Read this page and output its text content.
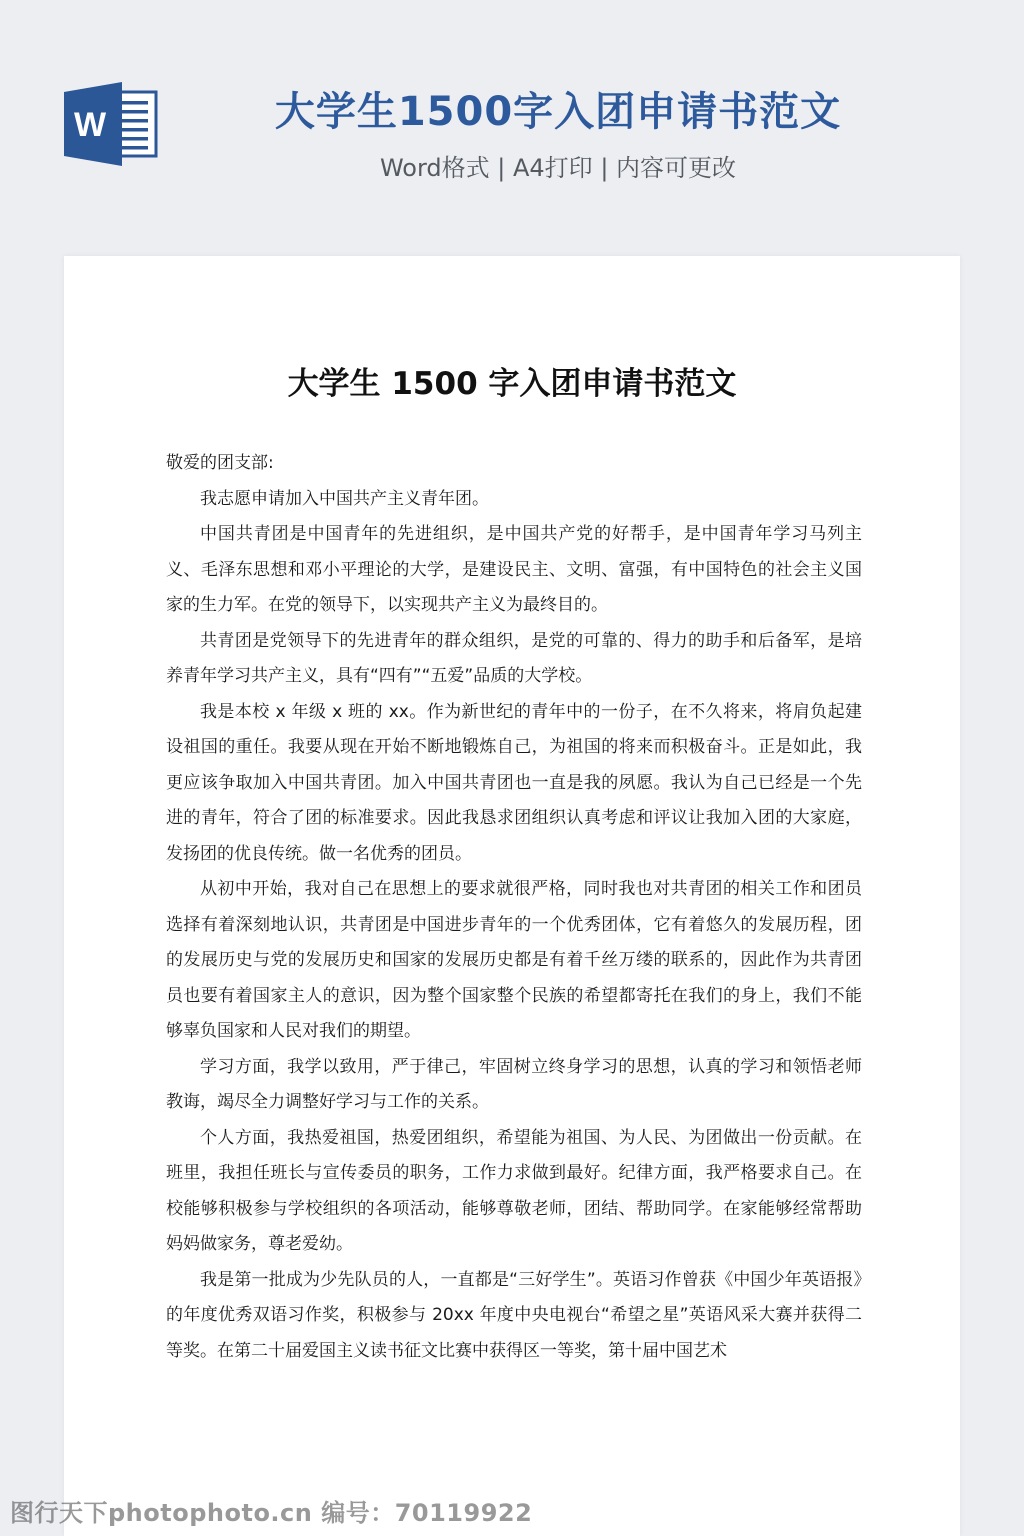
W	大学生1500字入团申请书范文
Word格式 | A4打印 | 内容可更改
大学生 1500 字入团申请书范文

敬爱的团支部:

我志愿申请加入中国共产主义青年团。

中国共青团是中国青年的先进组织，是中国共产党的好帮手，是中国青年学习马列主义、毛泽东思想和邓小平理论的大学，是建设民主、文明、富强，有中国特色的社会主义国家的生力军。在党的领导下，以实现共产主义为最终目的。

共青团是党领导下的先进青年的群众组织，是党的可靠的、得力的助手和后备军，是培养青年学习共产主义，具有“四有”“五爱”品质的大学校。

我是本校 x 年级 x 班的 xx。作为新世纪的青年中的一份子，在不久将来，将肩负起建设祖国的重任。我要从现在开始不断地锻炼自己，为祖国的将来而积极奋斗。正是如此，我更应该争取加入中国共青团。加入中国共青团也一直是我的夙愿。我认为自己已经是一个先进的青年，符合了团的标准要求。因此我恳求团组织认真考虑和评议让我加入团的大家庭，发扬团的优良传统。做一名优秀的团员。

从初中开始，我对自己在思想上的要求就很严格，同时我也对共青团的相关工作和团员选择有着深刻地认识，共青团是中国进步青年的一个优秀团体，它有着悠久的发展历程，团的发展历史与党的发展历史和国家的发展历史都是有着千丝万缕的联系的，因此作为共青团员也要有着国家主人的意识，因为整个国家整个民族的希望都寄托在我们的身上，我们不能够辜负国家和人民对我们的期望。

学习方面，我学以致用，严于律己，牢固树立终身学习的思想，认真的学习和领悟老师教诲，竭尽全力调整好学习与工作的关系。

个人方面，我热爱祖国，热爱团组织，希望能为祖国、为人民、为团做出一份贡献。在班里，我担任班长与宣传委员的职务，工作力求做到最好。纪律方面，我严格要求自己。在校能够积极参与学校组织的各项活动，能够尊敬老师，团结、帮助同学。在家能够经常帮助妈妈做家务，尊老爱幼。

我是第一批成为少先队员的人，一直都是“三好学生”。英语习作曾获《中国少年英语报》的年度优秀双语习作奖，积极参与 20xx 年度中央电视台“希望之星”英语风采大赛并获得二等奖。在第二十届爱国主义读书征文比赛中获得区一等奖，第十届中国艺术

图行天下photophoto.cn 编号：70119922
